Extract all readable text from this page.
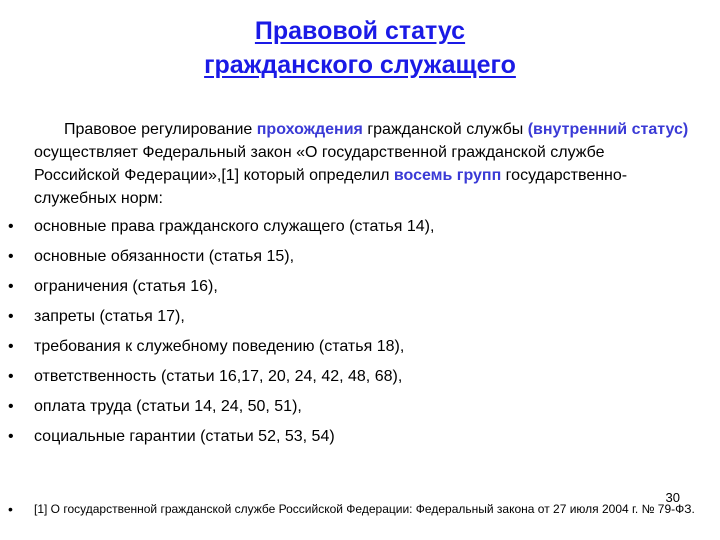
Правовой статус
гражданского служащего
Правовое регулирование прохождения гражданской службы (внутренний статус) осуществляет Федеральный закон «О государственной гражданской службе Российской Федерации»,[1] который определил восемь групп государственно-служебных норм:
• основные права гражданского служащего (статья 14),
• основные обязанности (статья 15),
• ограничения (статья 16),
• запреты (статья 17),
• требования к служебному поведению (статья 18),
• ответственность (статьи 16,17, 20, 24, 42, 48, 68),
• оплата труда (статьи 14, 24, 50, 51),
• социальные гарантии (статьи 52, 53, 54)
30
• [1] О государственной гражданской службе Российской Федерации: Федеральный закона от 27 июля 2004 г. № 79-ФЗ.
